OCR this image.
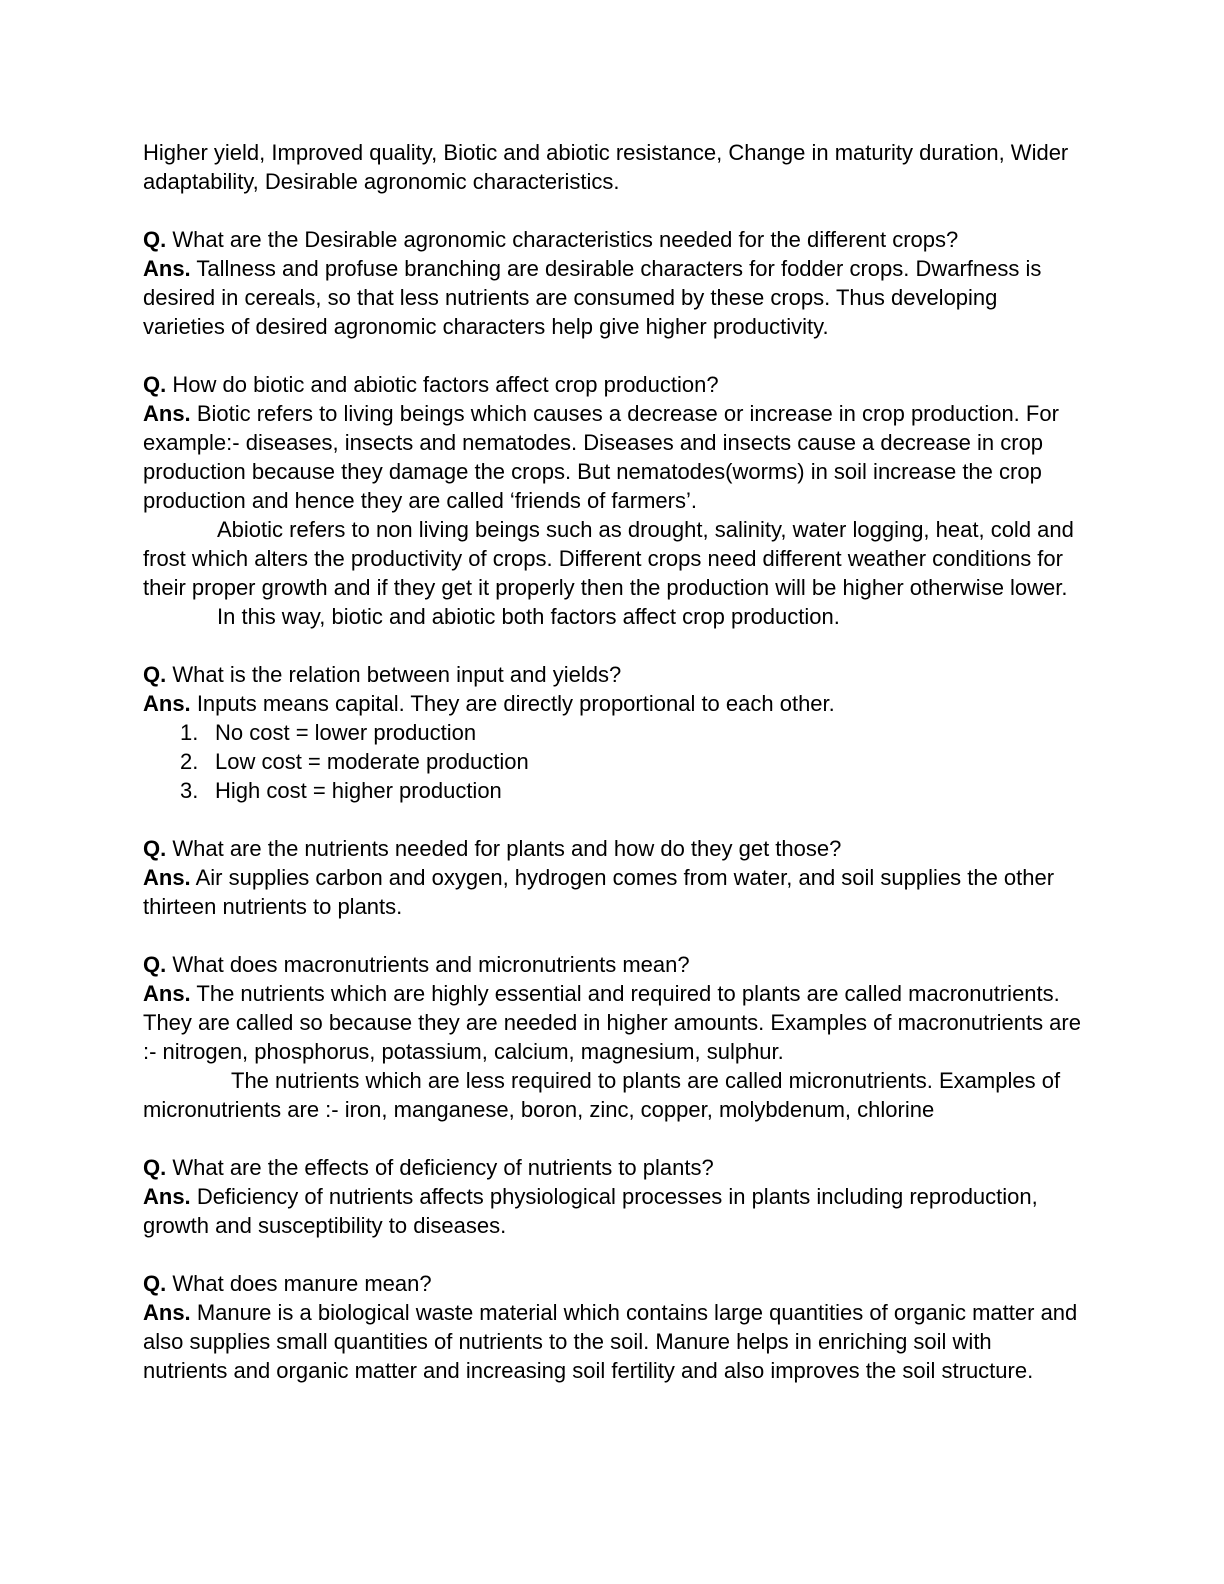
Higher yield, Improved quality, Biotic and abiotic resistance, Change in maturity duration, Wider adaptability, Desirable agronomic characteristics.

Q. What are the Desirable agronomic characteristics needed for the different crops?

Ans. Tallness and profuse branching are desirable characters for fodder crops. Dwarfness is desired in cereals, so that less nutrients are consumed by these crops. Thus developing varieties of desired agronomic characters help give higher productivity.

Q. How do biotic and abiotic factors affect crop production?

Ans. Biotic refers to living beings which causes a decrease or increase in crop production. For example:- diseases, insects and nematodes. Diseases and insects cause a decrease in crop production because they damage the crops. But nematodes(worms) in soil increase the crop production and hence they are called ‘friends of farmers’.

Abiotic refers to non living beings such as drought, salinity, water logging, heat, cold and frost which alters the productivity of crops. Different crops need different weather conditions for their proper growth and if they get it properly then the production will be higher otherwise lower.

In this way, biotic and abiotic both factors affect crop production.

Q. What is the relation between input and yields?

Ans. Inputs means capital. They are directly proportional to each other.

1. No cost = lower production
2. Low cost = moderate production
3. High cost = higher production

Q. What are the nutrients needed for plants and how do they get those?

Ans. Air supplies carbon and oxygen, hydrogen comes from water, and soil supplies the other thirteen nutrients to plants.

Q. What does macronutrients and micronutrients mean?

Ans. The nutrients which are highly essential and required to plants are called macronutrients. They are called so because they are needed in higher amounts. Examples of macronutrients are :- nitrogen, phosphorus, potassium, calcium, magnesium, sulphur.

The nutrients which are less required to plants are called micronutrients. Examples of micronutrients are :- iron, manganese, boron, zinc, copper, molybdenum, chlorine

Q. What are the effects of deficiency of nutrients to plants?

Ans. Deficiency of nutrients affects physiological processes in plants including reproduction, growth and susceptibility to diseases.

Q. What does manure mean?

Ans. Manure is a biological waste material which contains large quantities of organic matter and also supplies small quantities of nutrients to the soil. Manure helps in enriching soil with nutrients and organic matter and increasing soil fertility and also improves the soil structure.
